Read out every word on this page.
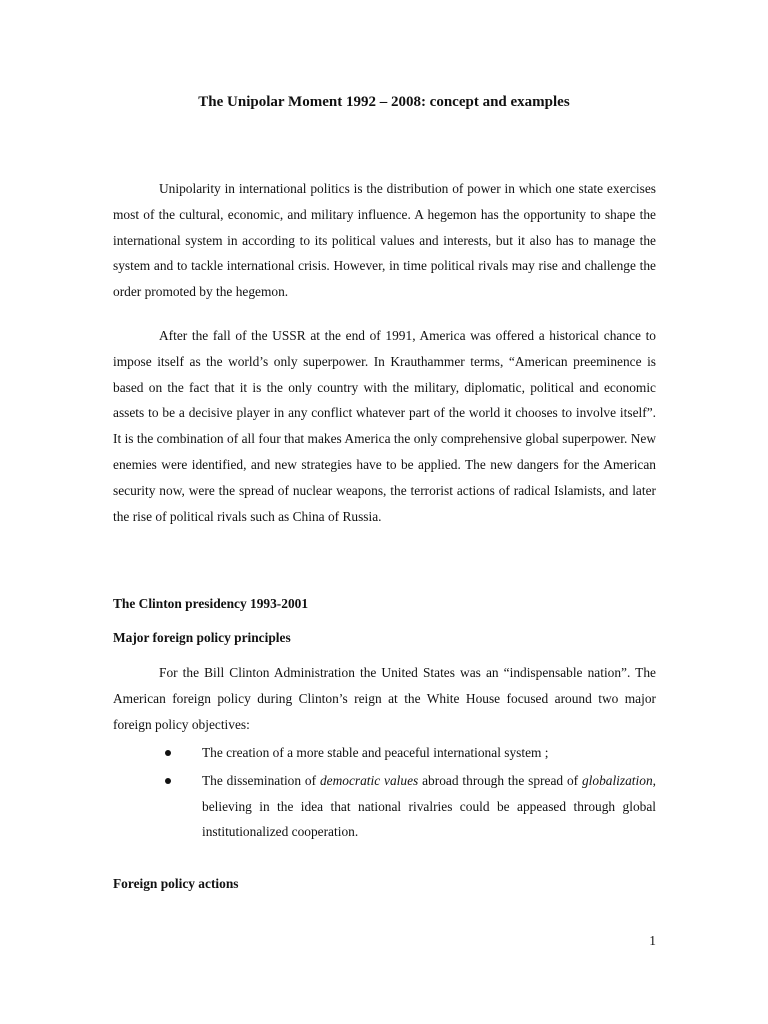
The Unipolar Moment 1992 – 2008: concept and examples

Unipolarity in international politics is the distribution of power in which one state exercises most of the cultural, economic, and military influence. A hegemon has the opportunity to shape the international system in according to its political values and interests, but it also has to manage the system and to tackle international crisis. However, in time political rivals may rise and challenge the order promoted by the hegemon.

After the fall of the USSR at the end of 1991, America was offered a historical chance to impose itself as the world’s only superpower. In Krauthammer terms, “American preeminence is based on the fact that it is the only country with the military, diplomatic, political and economic assets to be a decisive player in any conflict whatever part of the world it chooses to involve itself”. It is the combination of all four that makes America the only comprehensive global superpower. New enemies were identified, and new strategies have to be applied. The new dangers for the American security now, were the spread of nuclear weapons, the terrorist actions of radical Islamists, and later the rise of political rivals such as China of Russia.

The Clinton presidency 1993-2001

Major foreign policy principles

For the Bill Clinton Administration the United States was an “indispensable nation”. The American foreign policy during Clinton’s reign at the White House focused around two major foreign policy objectives:

The creation of a more stable and peaceful international system ;
The dissemination of democratic values abroad through the spread of globalization, believing in the idea that national rivalries could be appeased through global institutionalized cooperation.

Foreign policy actions

1
